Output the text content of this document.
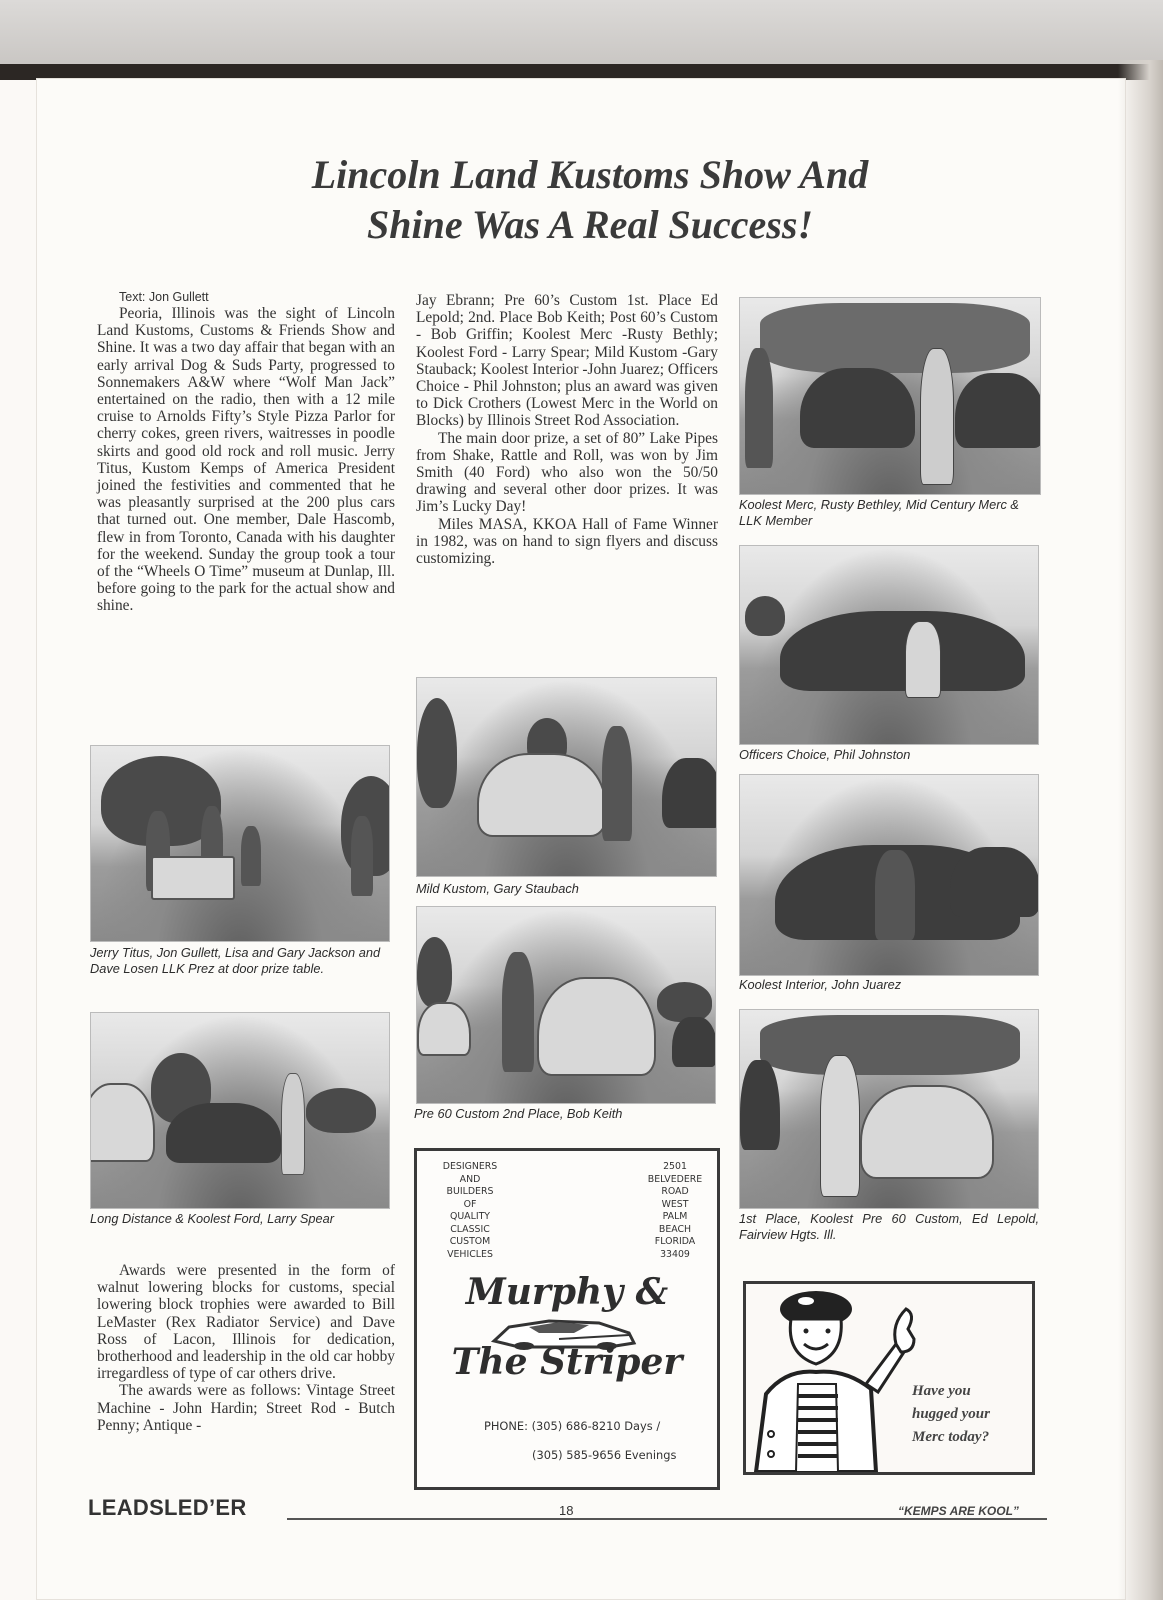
Lincoln Land Kustoms Show And
Shine Was A Real Success!

Text: Jon Gullett

Peoria, Illinois was the sight of Lincoln Land Kustoms, Customs & Friends Show and Shine. It was a two day affair that began with an early arrival Dog & Suds Party, progressed to Sonnemakers A&W where “Wolf Man Jack” entertained on the radio, then with a 12 mile cruise to Arnolds Fifty’s Style Pizza Parlor for cherry cokes, green rivers, waitresses in poodle skirts and good old rock and roll music. Jerry Titus, Kustom Kemps of America President joined the festivities and commented that he was pleasantly surprised at the 200 plus cars that turned out. One member, Dale Hascomb, flew in from Toronto, Canada with his daughter for the weekend. Sunday the group took a tour of the “Wheels O Time” museum at Dunlap, Ill. before going to the park for the actual show and shine.

Jerry Titus, Jon Gullett, Lisa and Gary Jackson and Dave Losen LLK Prez at door prize table.

Long Distance & Koolest Ford, Larry Spear

Awards were presented in the form of walnut lowering blocks for customs, special lowering block trophies were awarded to Bill LeMaster (Rex Radiator Service) and Dave Ross of Lacon, Illinois for dedication, brotherhood and leadership in the old car hobby irregardless of type of car others drive.

The awards were as follows: Vintage Street Machine - John Hardin; Street Rod - Butch Penny; Antique -

Jay Ebrann; Pre 60’s Custom 1st. Place Ed Lepold; 2nd. Place Bob Keith; Post 60’s Custom - Bob Griffin; Koolest Merc -Rusty Bethly; Koolest Ford - Larry Spear; Mild Kustom -Gary Stauback; Koolest Interior -John Juarez; Officers Choice - Phil Johnston; plus an award was given to Dick Crothers (Lowest Merc in the World on Blocks) by Illinois Street Rod Association.

The main door prize, a set of 80” Lake Pipes from Shake, Rattle and Roll, was won by Jim Smith (40 Ford) who also won the 50/50 drawing and several other door prizes. It was Jim’s Lucky Day!

Miles MASA, KKOA Hall of Fame Winner in 1982, was on hand to sign flyers and discuss customizing.

Mild Kustom, Gary Staubach

Pre 60 Custom 2nd Place, Bob Keith

DESIGNERS
AND
BUILDERS
OF
QUALITY
CLASSIC
CUSTOM
VEHICLES
2501
BELVEDERE
ROAD
WEST
PALM
BEACH
FLORIDA
33409
Murphy &
The Striper
PHONE: (305) 686-8210 Days /
(305) 585-9656 Evenings

Koolest Merc, Rusty Bethley, Mid Century Merc & LLK Member

Officers Choice, Phil Johnston

Koolest Interior, John Juarez

1st Place, Koolest Pre 60 Custom, Ed Lepold, Fairview Hgts. Ill.

Have you
hugged your
Merc today?
LEADSLED’ER	18	“KEMPS ARE KOOL”
